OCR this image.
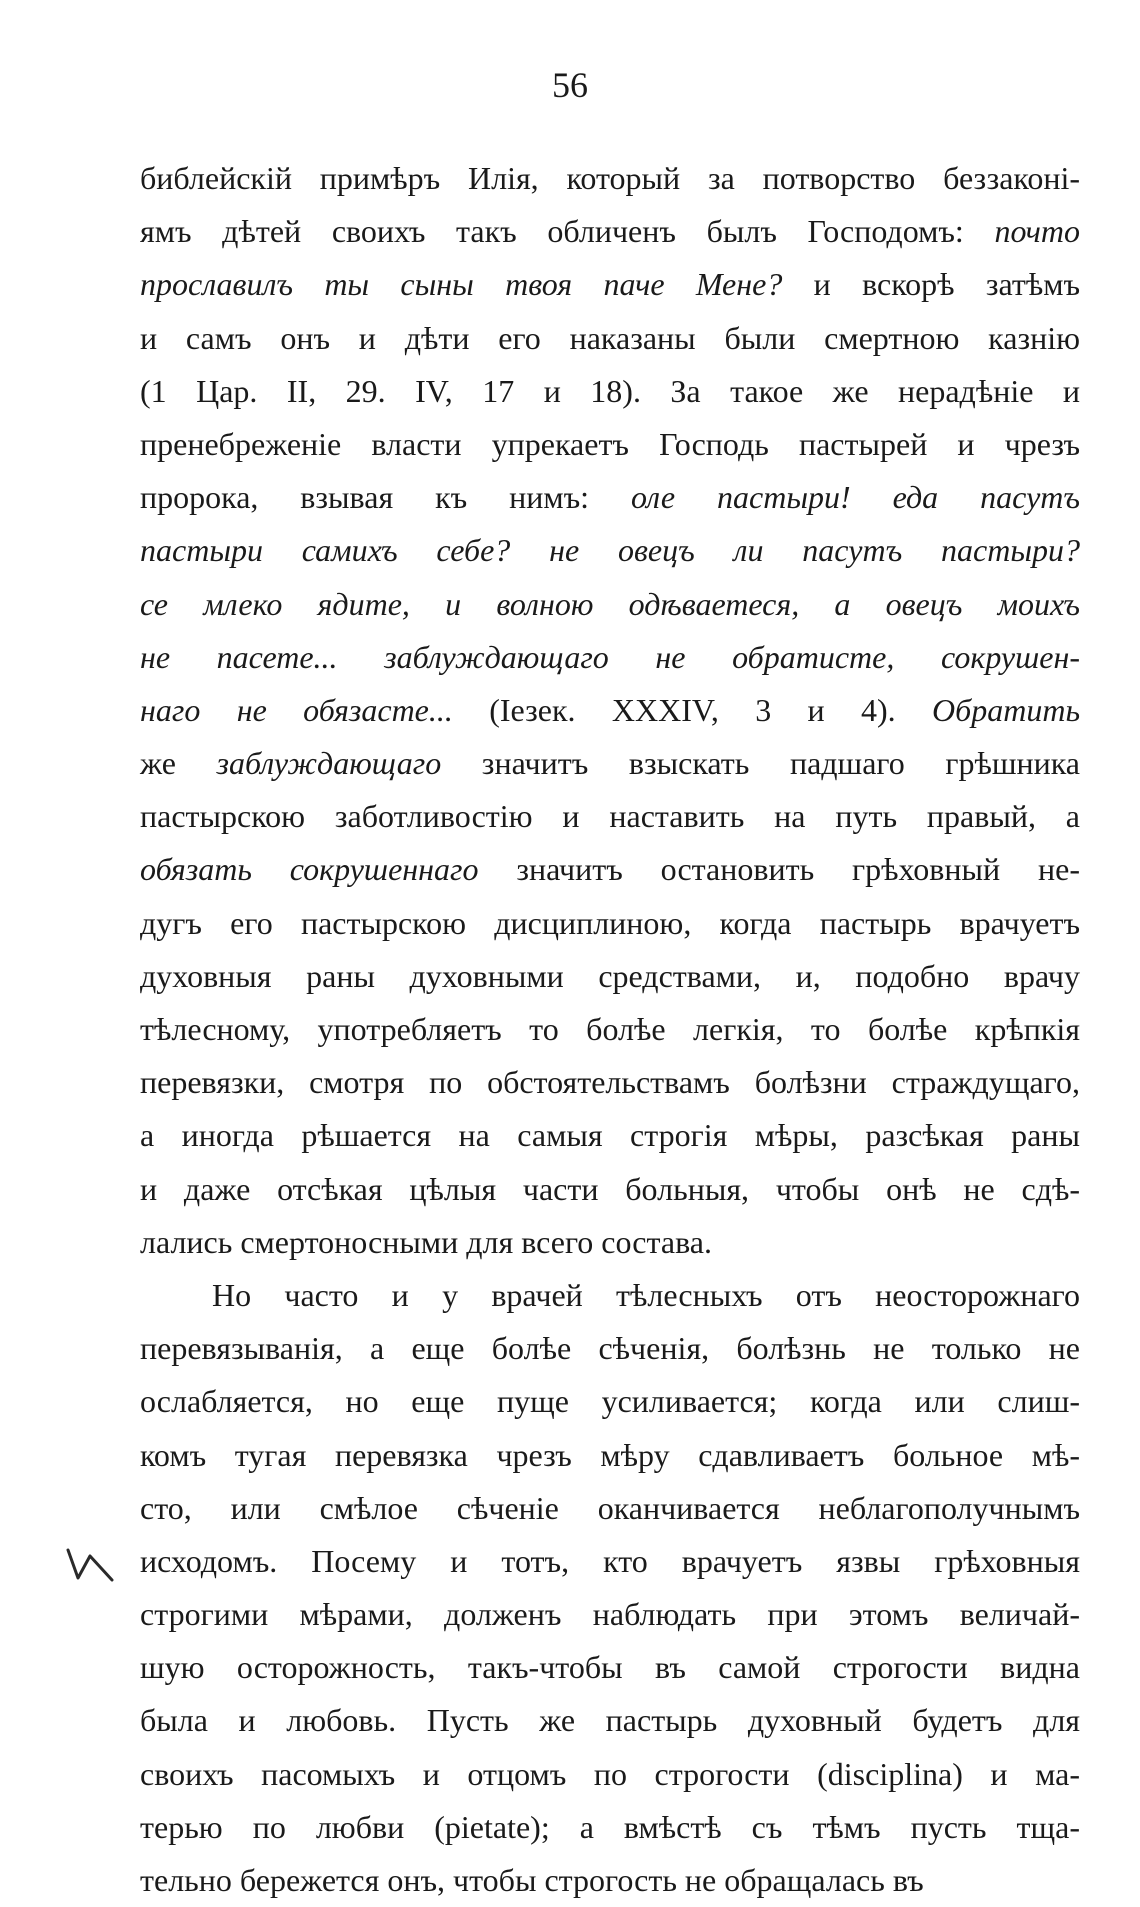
56
библейскій примѣръ Илія, который за потворство беззаконі-
ямъ дѣтей своихъ такъ обличенъ былъ Господомъ: почто
прославилъ ты сыны твоя паче Мене? и вскорѣ затѣмъ
и самъ онъ и дѣти его наказаны были смертною казнію
(1 Цар. II, 29. IV, 17 и 18). За такое же нерадѣніе и
пренебреженіе власти упрекаетъ Господь пастырей и чрезъ
пророка, взывая къ нимъ: оле пастыри! еда пасутъ
пастыри самихъ себе? не овецъ ли пасутъ пастыри?
се млеко ядите, и волною одѣваетеся, а овецъ моихъ
не пасете... заблуждающаго не обратисте, сокрушен-
наго не обязасте... (Іезек. XXXIV, 3 и 4). Обратить
же заблуждающаго значитъ взыскать падшаго грѣшника
пастырскою заботливостію и наставить на путь правый, а
обязать сокрушеннаго значитъ остановить грѣховный не-
дугъ его пастырскою дисциплиною, когда пастырь врачуетъ
духовныя раны духовными средствами, и, подобно врачу
тѣлесному, употребляетъ то болѣе легкія, то болѣе крѣпкія
перевязки, смотря по обстоятельствамъ болѣзни страждущаго,
а иногда рѣшается на самыя строгія мѣры, разсѣкая раны
и даже отсѣкая цѣлыя части больныя, чтобы онѣ не сдѣ-
лались смертоносными для всего состава.
Но часто и у врачей тѣлесныхъ отъ неосторожнаго
перевязыванія, а еще болѣе сѣченія, болѣзнь не только не
ослабляется, но еще пуще усиливается; когда или слиш-
комъ тугая перевязка чрезъ мѣру сдавливаетъ больное мѣ-
сто, или смѣлое сѣченіе оканчивается неблагополучнымъ
исходомъ. Посему и тотъ, кто врачуетъ язвы грѣховныя
строгими мѣрами, долженъ наблюдать при этомъ величай-
шую осторожность, такъ-чтобы въ самой строгости видна
была и любовь. Пусть же пастырь духовный будетъ для
своихъ пасомыхъ и отцомъ по строгости (disciplina) и ма-
терью по любви (pietate); а вмѣстѣ съ тѣмъ пусть тща-
тельно бережется онъ, чтобы строгость не обращалась въ
